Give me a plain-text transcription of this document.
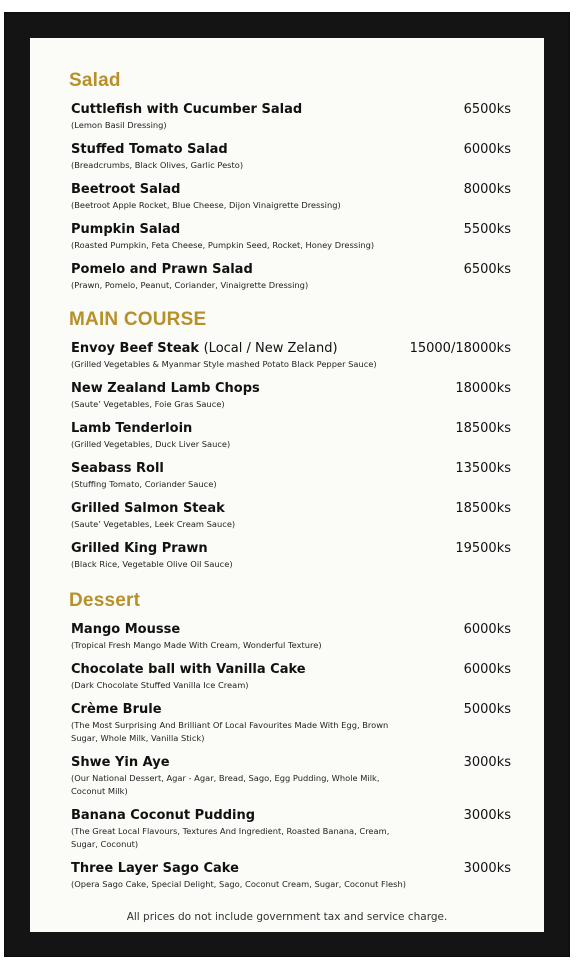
Salad
Cuttlefish with Cucumber Salad
(Lemon Basil Dressing)
6500ks
Stuffed Tomato Salad
(Breadcrumbs, Black Olives, Garlic Pesto)
6000ks
Beetroot Salad
(Beetroot Apple Rocket, Blue Cheese, Dijon Vinaigrette Dressing)
8000ks
Pumpkin Salad
(Roasted Pumpkin, Feta Cheese, Pumpkin Seed, Rocket, Honey Dressing)
5500ks
Pomelo and Prawn Salad
(Prawn, Pomelo, Peanut, Coriander, Vinaigrette Dressing)
6500ks
MAIN COURSE
Envoy Beef Steak (Local / New Zeland)
(Grilled Vegetables & Myanmar Style mashed Potato Black Pepper Sauce)
15000/18000ks
New Zealand Lamb Chops
(Saute’ Vegetables, Foie Gras Sauce)
18000ks
Lamb Tenderloin
(Grilled Vegetables, Duck Liver Sauce)
18500ks
Seabass Roll
(Stuffing Tomato, Coriander Sauce)
13500ks
Grilled Salmon Steak
(Saute’ Vegetables, Leek Cream Sauce)
18500ks
Grilled King Prawn
(Black Rice, Vegetable Olive Oil Sauce)
19500ks
Dessert
Mango Mousse
(Tropical Fresh Mango Made With Cream, Wonderful Texture)
6000ks
Chocolate ball with Vanilla Cake
(Dark Chocolate Stuffed Vanilla Ice Cream)
6000ks
Crème Brule
(The Most Surprising And Brilliant Of Local Favourites Made With Egg, Brown Sugar, Whole Milk, Vanilla Stick)
5000ks
Shwe Yin Aye
(Our National Dessert, Agar - Agar, Bread, Sago, Egg Pudding, Whole Milk, Coconut Milk)
3000ks
Banana Coconut Pudding
(The Great Local Flavours, Textures And Ingredient, Roasted Banana, Cream, Sugar, Coconut)
3000ks
Three Layer Sago Cake
(Opera Sago Cake, Special Delight, Sago, Coconut Cream, Sugar, Coconut Flesh)
3000ks
All prices do not include government tax and service charge.
